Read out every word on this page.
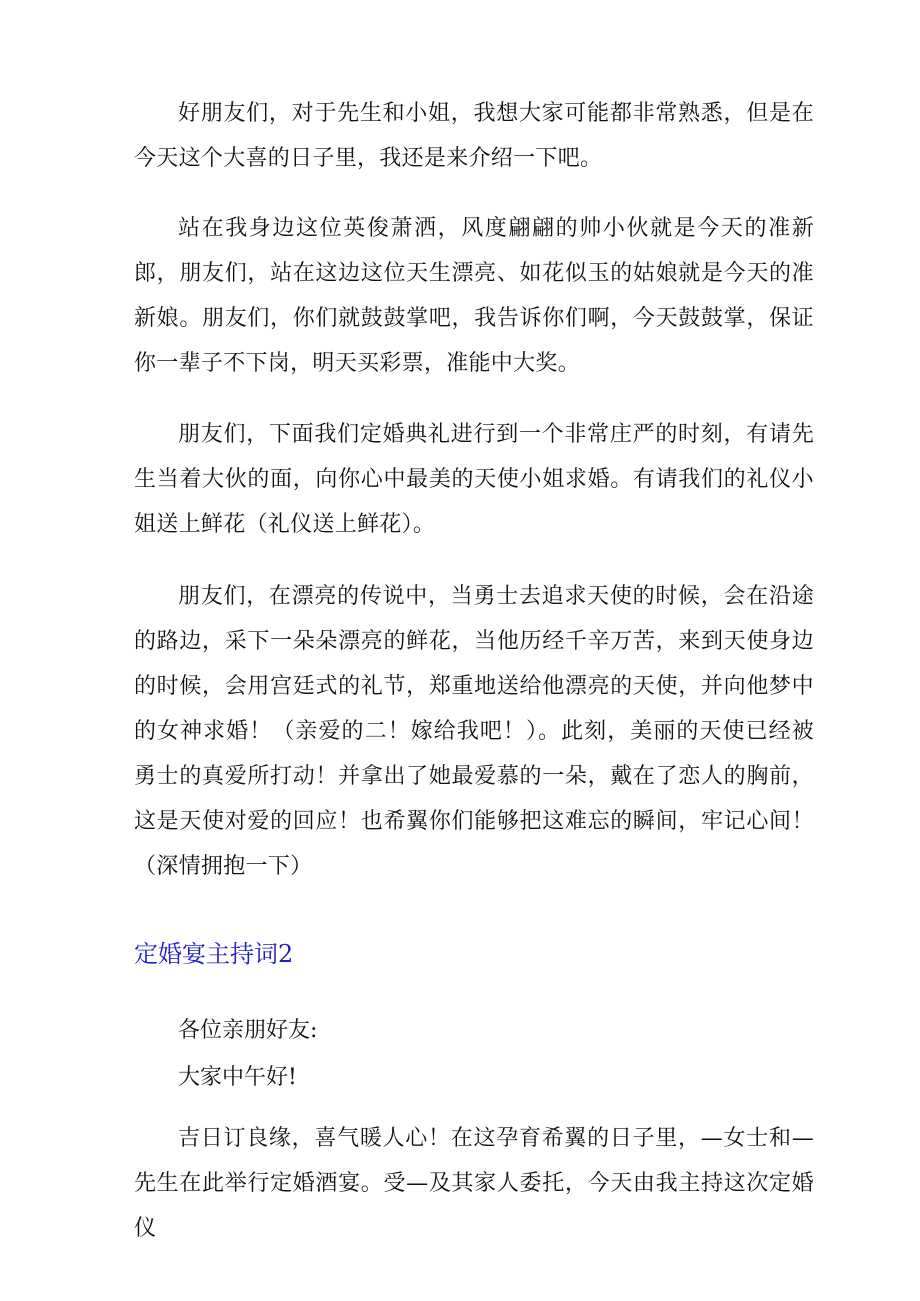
好朋友们，对于先生和小姐，我想大家可能都非常熟悉，但是在今天这个大喜的日子里，我还是来介绍一下吧。

站在我身边这位英俊萧洒，风度翩翩的帅小伙就是今天的准新郎，朋友们，站在这边这位天生漂亮、如花似玉的姑娘就是今天的准新娘。朋友们，你们就鼓鼓掌吧，我告诉你们啊，今天鼓鼓掌，保证你一辈子不下岗，明天买彩票，准能中大奖。

朋友们，下面我们定婚典礼进行到一个非常庄严的时刻，有请先生当着大伙的面，向你心中最美的天使小姐求婚。有请我们的礼仪小姐送上鲜花（礼仪送上鲜花）。

朋友们，在漂亮的传说中，当勇士去追求天使的时候，会在沿途的路边，采下一朵朵漂亮的鲜花，当他历经千辛万苦，来到天使身边的时候，会用宫廷式的礼节，郑重地送给他漂亮的天使，并向他梦中的女神求婚！（亲爱的二！嫁给我吧！）。此刻，美丽的天使已经被勇士的真爱所打动！并拿出了她最爱慕的一朵，戴在了恋人的胸前，这是天使对爱的回应！也希翼你们能够把这难忘的瞬间，牢记心间！（深情拥抱一下）

定婚宴主持词2

各位亲朋好友:

大家中午好!

吉日订良缘，喜气暖人心！在这孕育希翼的日子里，—女士和—先生在此举行定婚酒宴。受—及其家人委托，今天由我主持这次定婚仪
